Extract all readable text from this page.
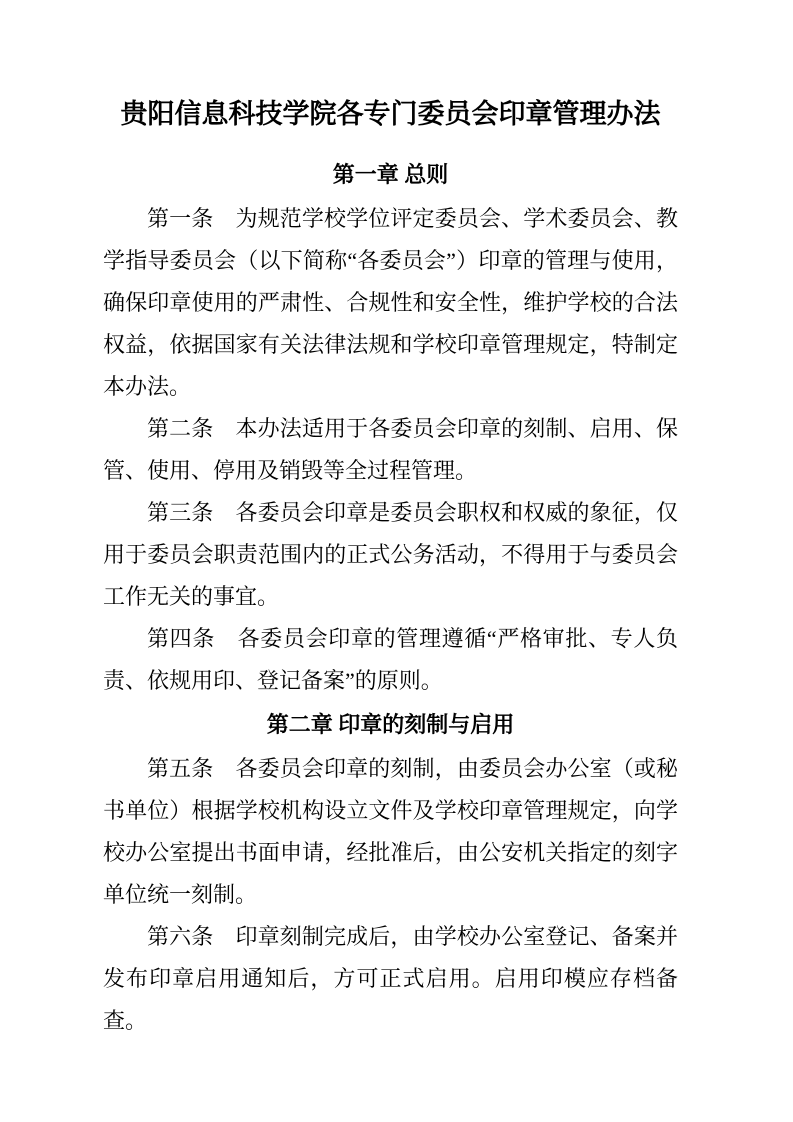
贵阳信息科技学院各专门委员会印章管理办法
第一章 总则

第一条　为规范学校学位评定委员会、学术委员会、教学指导委员会（以下简称“各委员会”）印章的管理与使用，确保印章使用的严肃性、合规性和安全性，维护学校的合法权益，依据国家有关法律法规和学校印章管理规定，特制定本办法。

第二条　本办法适用于各委员会印章的刻制、启用、保管、使用、停用及销毁等全过程管理。

第三条　各委员会印章是委员会职权和权威的象征，仅用于委员会职责范围内的正式公务活动，不得用于与委员会工作无关的事宜。

第四条　各委员会印章的管理遵循“严格审批、专人负责、依规用印、登记备案”的原则。

第二章 印章的刻制与启用

第五条　各委员会印章的刻制，由委员会办公室（或秘书单位）根据学校机构设立文件及学校印章管理规定，向学校办公室提出书面申请，经批准后，由公安机关指定的刻字单位统一刻制。

第六条　印章刻制完成后，由学校办公室登记、备案并发布印章启用通知后，方可正式启用。启用印模应存档备查。
